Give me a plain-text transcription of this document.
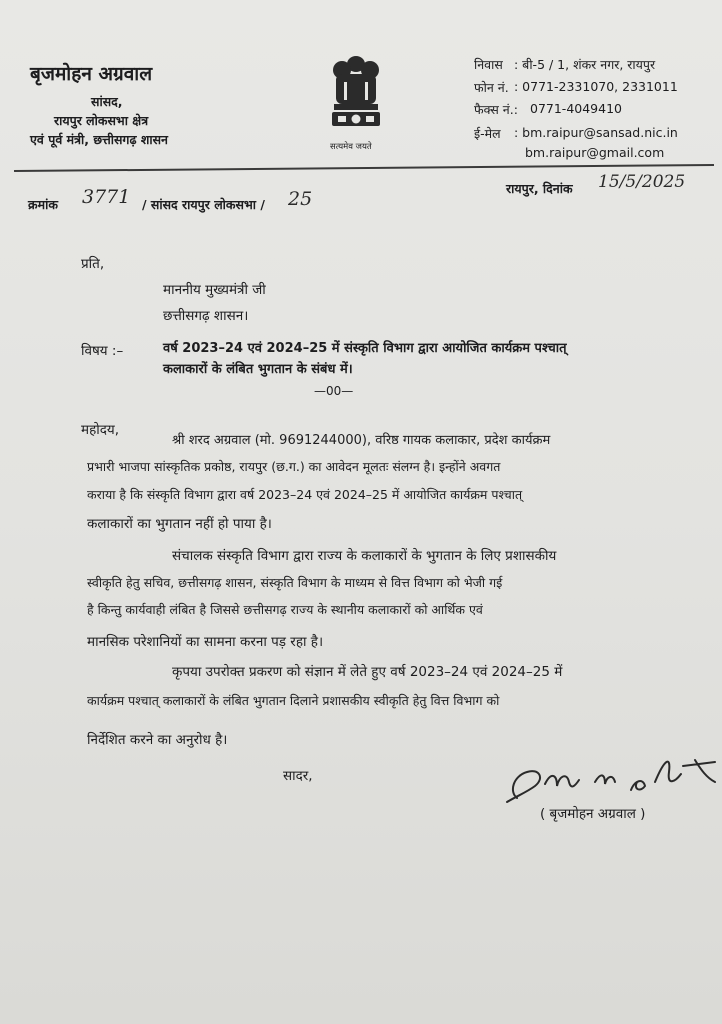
बृजमोहन अग्रवाल
सांसद,
रायपुर लोकसभा क्षेत्र
एवं पूर्व मंत्री, छत्तीसगढ़ शासन	सत्यमेव जयते
निवास : बी-5 / 1, शंकर नगर, रायपुर
फोन नं. : 0771-2331070, 2331011
फैक्स नं.: 0771-4049410
ई-मेल : bm.raipur@sansad.nic.in
bm.raipur@gmail.com
क्रमांक 3771 / सांसद रायपुर लोकसभा / 25	रायपुर, दिनांक 15/5/2025
प्रति,
माननीय मुख्यमंत्री जी
छत्तीसगढ़ शासन।
विषय :–	वर्ष 2023–24 एवं 2024–25 में संस्कृति विभाग द्वारा आयोजित कार्यक्रम पश्चात्
कलाकारों के लंबित भुगतान के संबंध में।
—00—
महोदय,
श्री शरद अग्रवाल (मो. 9691244000), वरिष्ठ गायक कलाकार, प्रदेश कार्यक्रम
प्रभारी भाजपा सांस्कृतिक प्रकोष्ठ, रायपुर (छ.ग.) का आवेदन मूलतः संलग्न है। इन्होंने अवगत
कराया है कि संस्कृति विभाग द्वारा वर्ष 2023–24 एवं 2024–25 में आयोजित कार्यक्रम पश्चात्
कलाकारों का भुगतान नहीं हो पाया है।
संचालक संस्कृति विभाग द्वारा राज्य के कलाकारों के भुगतान के लिए प्रशासकीय
स्वीकृति हेतु सचिव, छत्तीसगढ़ शासन, संस्कृति विभाग के माध्यम से वित्त विभाग को भेजी गई
है किन्तु कार्यवाही लंबित है जिससे छत्तीसगढ़ राज्य के स्थानीय कलाकारों को आर्थिक एवं
मानसिक परेशानियों का सामना करना पड़ रहा है।
कृपया उपरोक्त प्रकरण को संज्ञान में लेते हुए वर्ष 2023–24 एवं 2024–25 में
कार्यक्रम पश्चात् कलाकारों के लंबित भुगतान दिलाने प्रशासकीय स्वीकृति हेतु वित्त विभाग को
निर्देशित करने का अनुरोध है।
सादर,
( बृजमोहन अग्रवाल )
